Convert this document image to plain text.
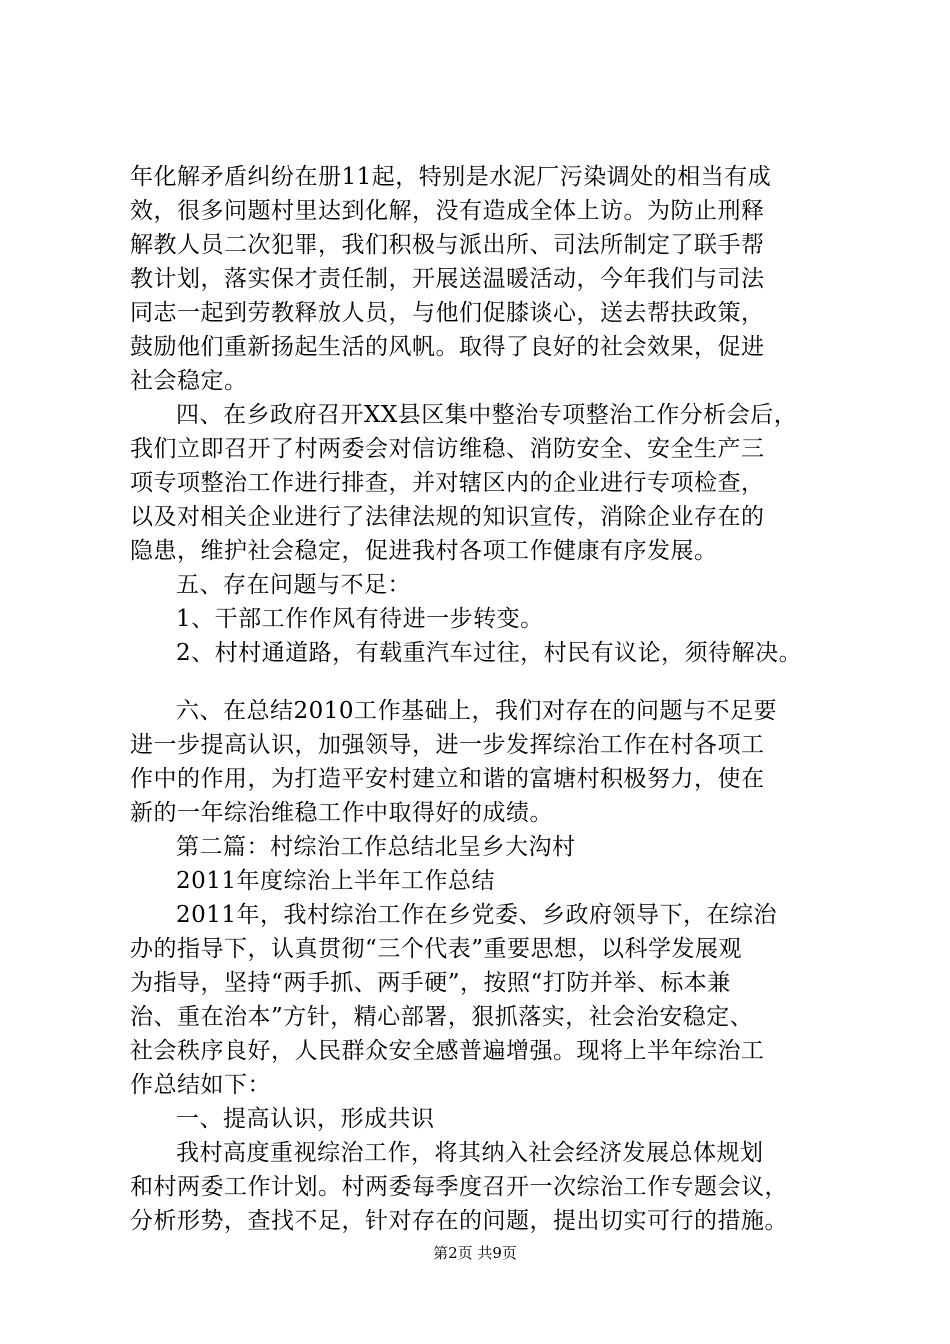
年化解矛盾纠纷在册11起，特别是水泥厂污染调处的相当有成
效，很多问题村里达到化解，没有造成全体上访。为防止刑释
解教人员二次犯罪，我们积极与派出所、司法所制定了联手帮
教计划，落实保才责任制，开展送温暖活动，今年我们与司法
同志一起到劳教释放人员，与他们促膝谈心，送去帮扶政策，
鼓励他们重新扬起生活的风帆。取得了良好的社会效果，促进
社会稳定。
四、在乡政府召开XX县区集中整治专项整治工作分析会后，
我们立即召开了村两委会对信访维稳、消防安全、安全生产三
项专项整治工作进行排查，并对辖区内的企业进行专项检查，
以及对相关企业进行了法律法规的知识宣传，消除企业存在的
隐患，维护社会稳定，促进我村各项工作健康有序发展。
五、存在问题与不足：
1、干部工作作风有待进一步转变。
2、村村通道路，有载重汽车过往，村民有议论，须待解决。
六、在总结2010工作基础上，我们对存在的问题与不足要
进一步提高认识，加强领导，进一步发挥综治工作在村各项工
作中的作用，为打造平安村建立和谐的富塘村积极努力，使在
新的一年综治维稳工作中取得好的成绩。
第二篇：村综治工作总结北呈乡大沟村
2011年度综治上半年工作总结
2011年，我村综治工作在乡党委、乡政府领导下，在综治
办的指导下，认真贯彻“三个代表”重要思想，以科学发展观
为指导，坚持“两手抓、两手硬”，按照“打防并举、标本兼
治、重在治本”方针，精心部署，狠抓落实，社会治安稳定、
社会秩序良好，人民群众安全感普遍增强。现将上半年综治工
作总结如下：
一、提高认识，形成共识
我村高度重视综治工作，将其纳入社会经济发展总体规划
和村两委工作计划。村两委每季度召开一次综治工作专题会议，
分析形势，查找不足，针对存在的问题，提出切实可行的措施。
第2页 共9页
